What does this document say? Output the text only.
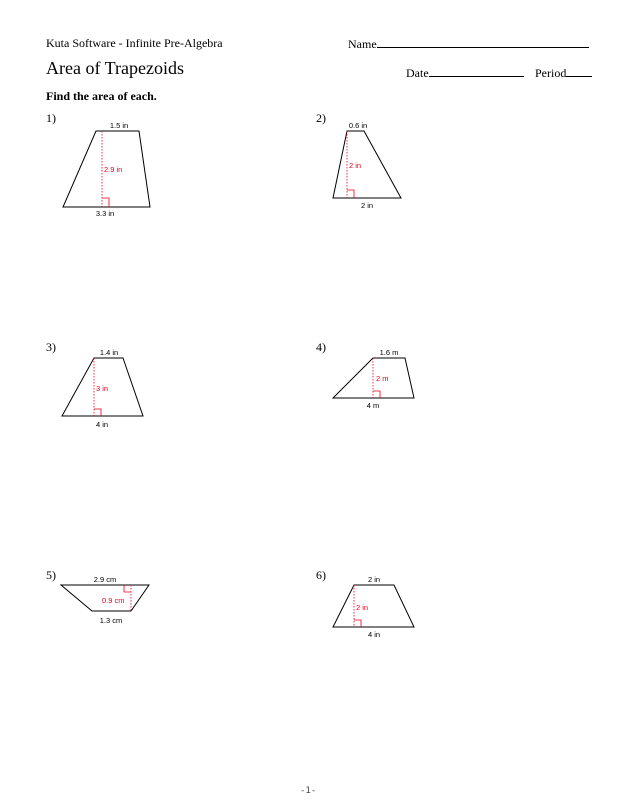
Kuta Software - Infinite Pre-Algebra	Name
Area of Trapezoids	Date	Period
Find the area of each.
1)
1.5 in
2.9 in
3.3 in
2)
0.6 in
2 in
2 in
3)	1.4 in
3 in
4 in
4)	1.6 m
2 m
4 m
5)	2.9 cm
0.9 cm
1.3 cm
6)	2 in
2 in
4 in
-1-
